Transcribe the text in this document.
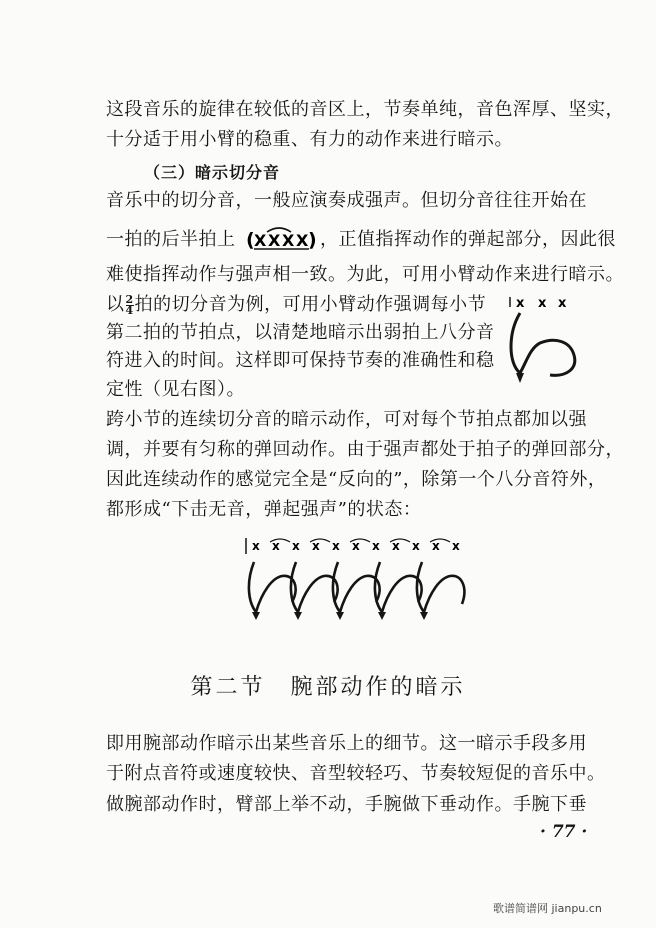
这段音乐的旋律在较低的音区上，节奏单纯，音色浑厚、坚实，
十分适于用小臂的稳重、有力的动作来进行暗示。
（三）暗示切分音
音乐中的切分音，一般应演奏成强声。但切分音往往开始在
一拍的后半拍上 (
X X X X ) ，正值指挥动作的弹起部分，因此很
难使指挥动作与强声相一致。为此，可用小臂动作来进行暗示。
以 $\frac{2}{4}$ 拍的切分音为例，可用小臂动作强调每小节
第二拍的节拍点，以清楚地暗示出弱拍上八分音
符进入的时间。这样即可保持节奏的准确性和稳
定性（见右图）。
x x x
跨小节的连续切分音的暗示动作，可对每个节拍点都加以强
调，并要有匀称的弹回动作。由于强声都处于拍子的弹回部分，
因此连续动作的感觉完全是“反向的”，除第一个八分音符外，
都形成“下击无音，弹起强声”的状态：
x x x x x x x x x x x
第二节　腕部动作的暗示
即用腕部动作暗示出某些音乐上的细节。这一暗示手段多用
于附点音符或速度较快、音型较轻巧、节奏较短促的音乐中。
做腕部动作时，臂部上举不动，手腕做下垂动作。手腕下垂
· 77 ·
歌谱简谱网 jianpu.cn
